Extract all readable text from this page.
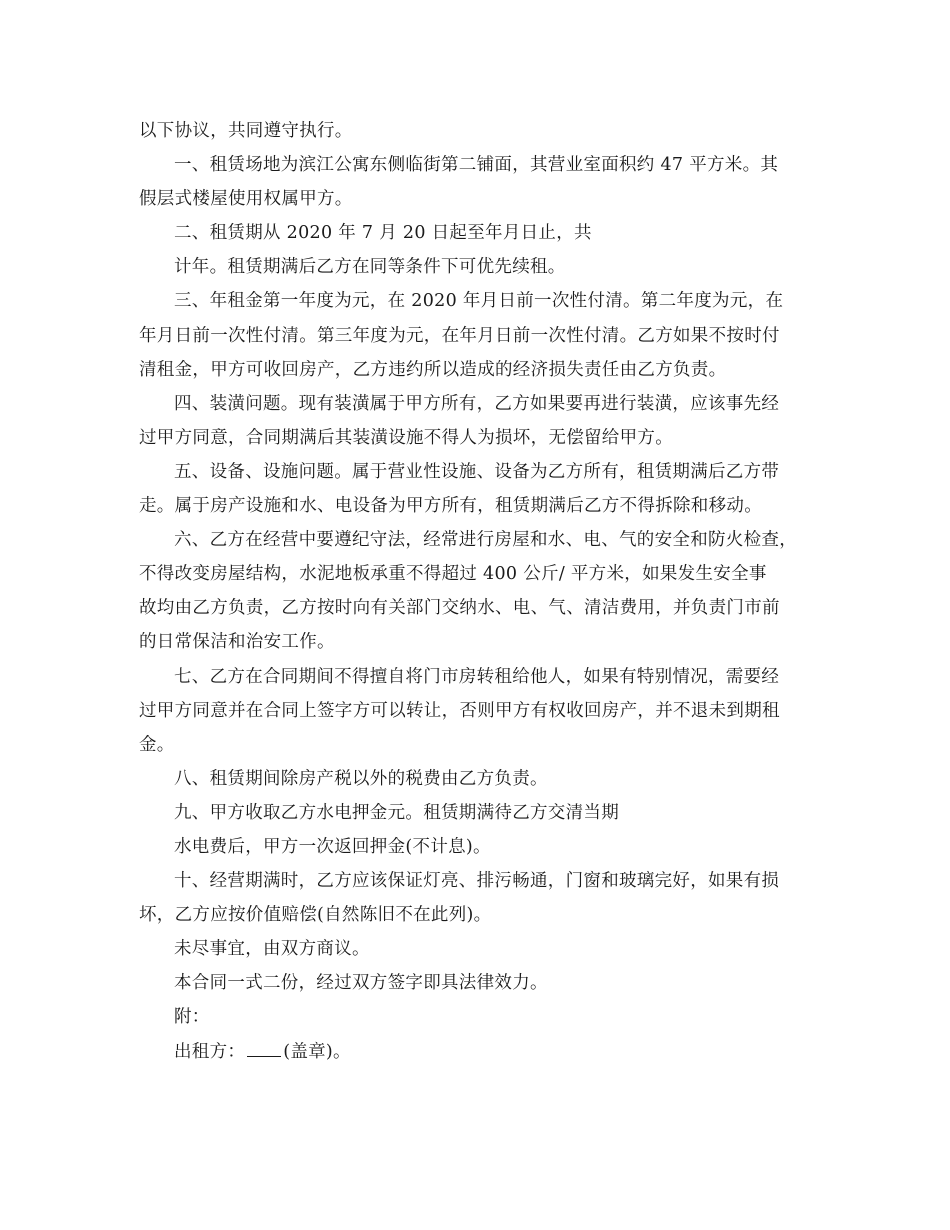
以下协议，共同遵守执行。
一、租赁场地为滨江公寓东侧临街第二铺面，其营业室面积约 47 平方米。其
假层式楼屋使用权属甲方。
二、租赁期从 2020 年 7 月 20 日起至年月日止，共
计年。租赁期满后乙方在同等条件下可优先续租。
三、年租金第一年度为元，在 2020 年月日前一次性付清。第二年度为元，在
年月日前一次性付清。第三年度为元，在年月日前一次性付清。乙方如果不按时付
清租金，甲方可收回房产，乙方违约所以造成的经济损失责任由乙方负责。
四、装潢问题。现有装潢属于甲方所有，乙方如果要再进行装潢，应该事先经
过甲方同意，合同期满后其装潢设施不得人为损坏，无偿留给甲方。
五、设备、设施问题。属于营业性设施、设备为乙方所有，租赁期满后乙方带
走。属于房产设施和水、电设备为甲方所有，租赁期满后乙方不得拆除和移动。
六、乙方在经营中要遵纪守法，经常进行房屋和水、电、气的安全和防火检查，
不得改变房屋结构，水泥地板承重不得超过 400 公斤/ 平方米，如果发生安全事
故均由乙方负责，乙方按时向有关部门交纳水、电、气、清洁费用，并负责门市前
的日常保洁和治安工作。
七、乙方在合同期间不得擅自将门市房转租给他人，如果有特别情况，需要经
过甲方同意并在合同上签字方可以转让，否则甲方有权收回房产，并不退未到期租
金。
八、租赁期间除房产税以外的税费由乙方负责。
九、甲方收取乙方水电押金元。租赁期满待乙方交清当期
水电费后，甲方一次返回押金(不计息)。
十、经营期满时，乙方应该保证灯亮、排污畅通，门窗和玻璃完好，如果有损
坏，乙方应按价值赔偿(自然陈旧不在此列)。
未尽事宜，由双方商议。
本合同一式二份，经过双方签字即具法律效力。
附：
出租方： (盖章)。
